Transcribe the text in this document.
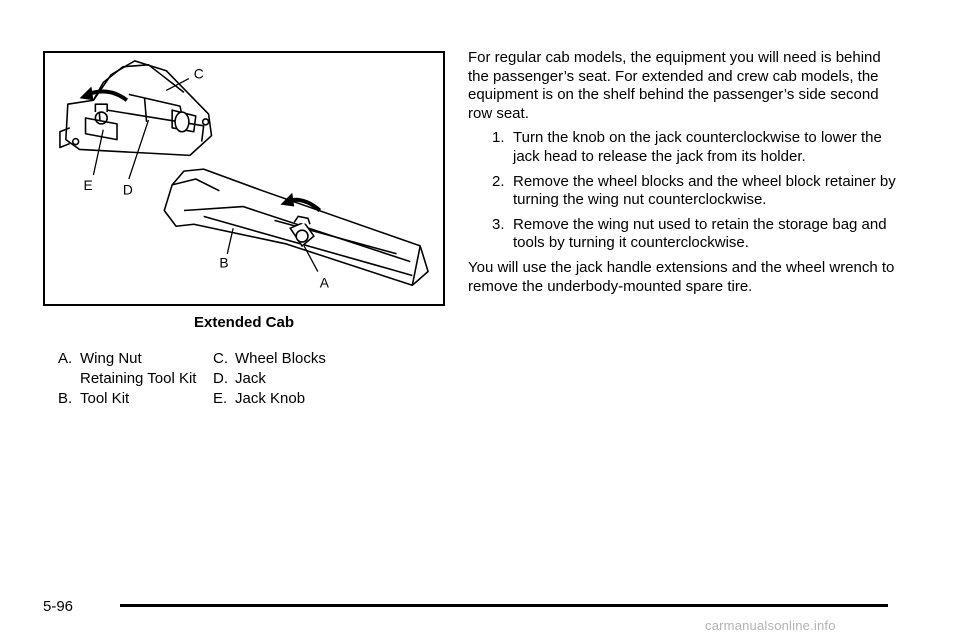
C
E D
B
A
Extended Cab
A. Wing Nut
Retaining Tool Kit
B. Tool Kit
C. Wheel Blocks
D. Jack
E. Jack Knob

For regular cab models, the equipment you will need is behind the passenger’s seat. For extended and crew cab models, the equipment is on the shelf behind the passenger’s side second row seat.

1. Turn the knob on the jack counterclockwise to lower the jack head to release the jack from its holder.
2. Remove the wheel blocks and the wheel block retainer by turning the wing nut counterclockwise.
3. Remove the wing nut used to retain the storage bag and tools by turning it counterclockwise.

You will use the jack handle extensions and the wheel wrench to remove the underbody-mounted spare tire.

5-96
carmanualsonline.info
